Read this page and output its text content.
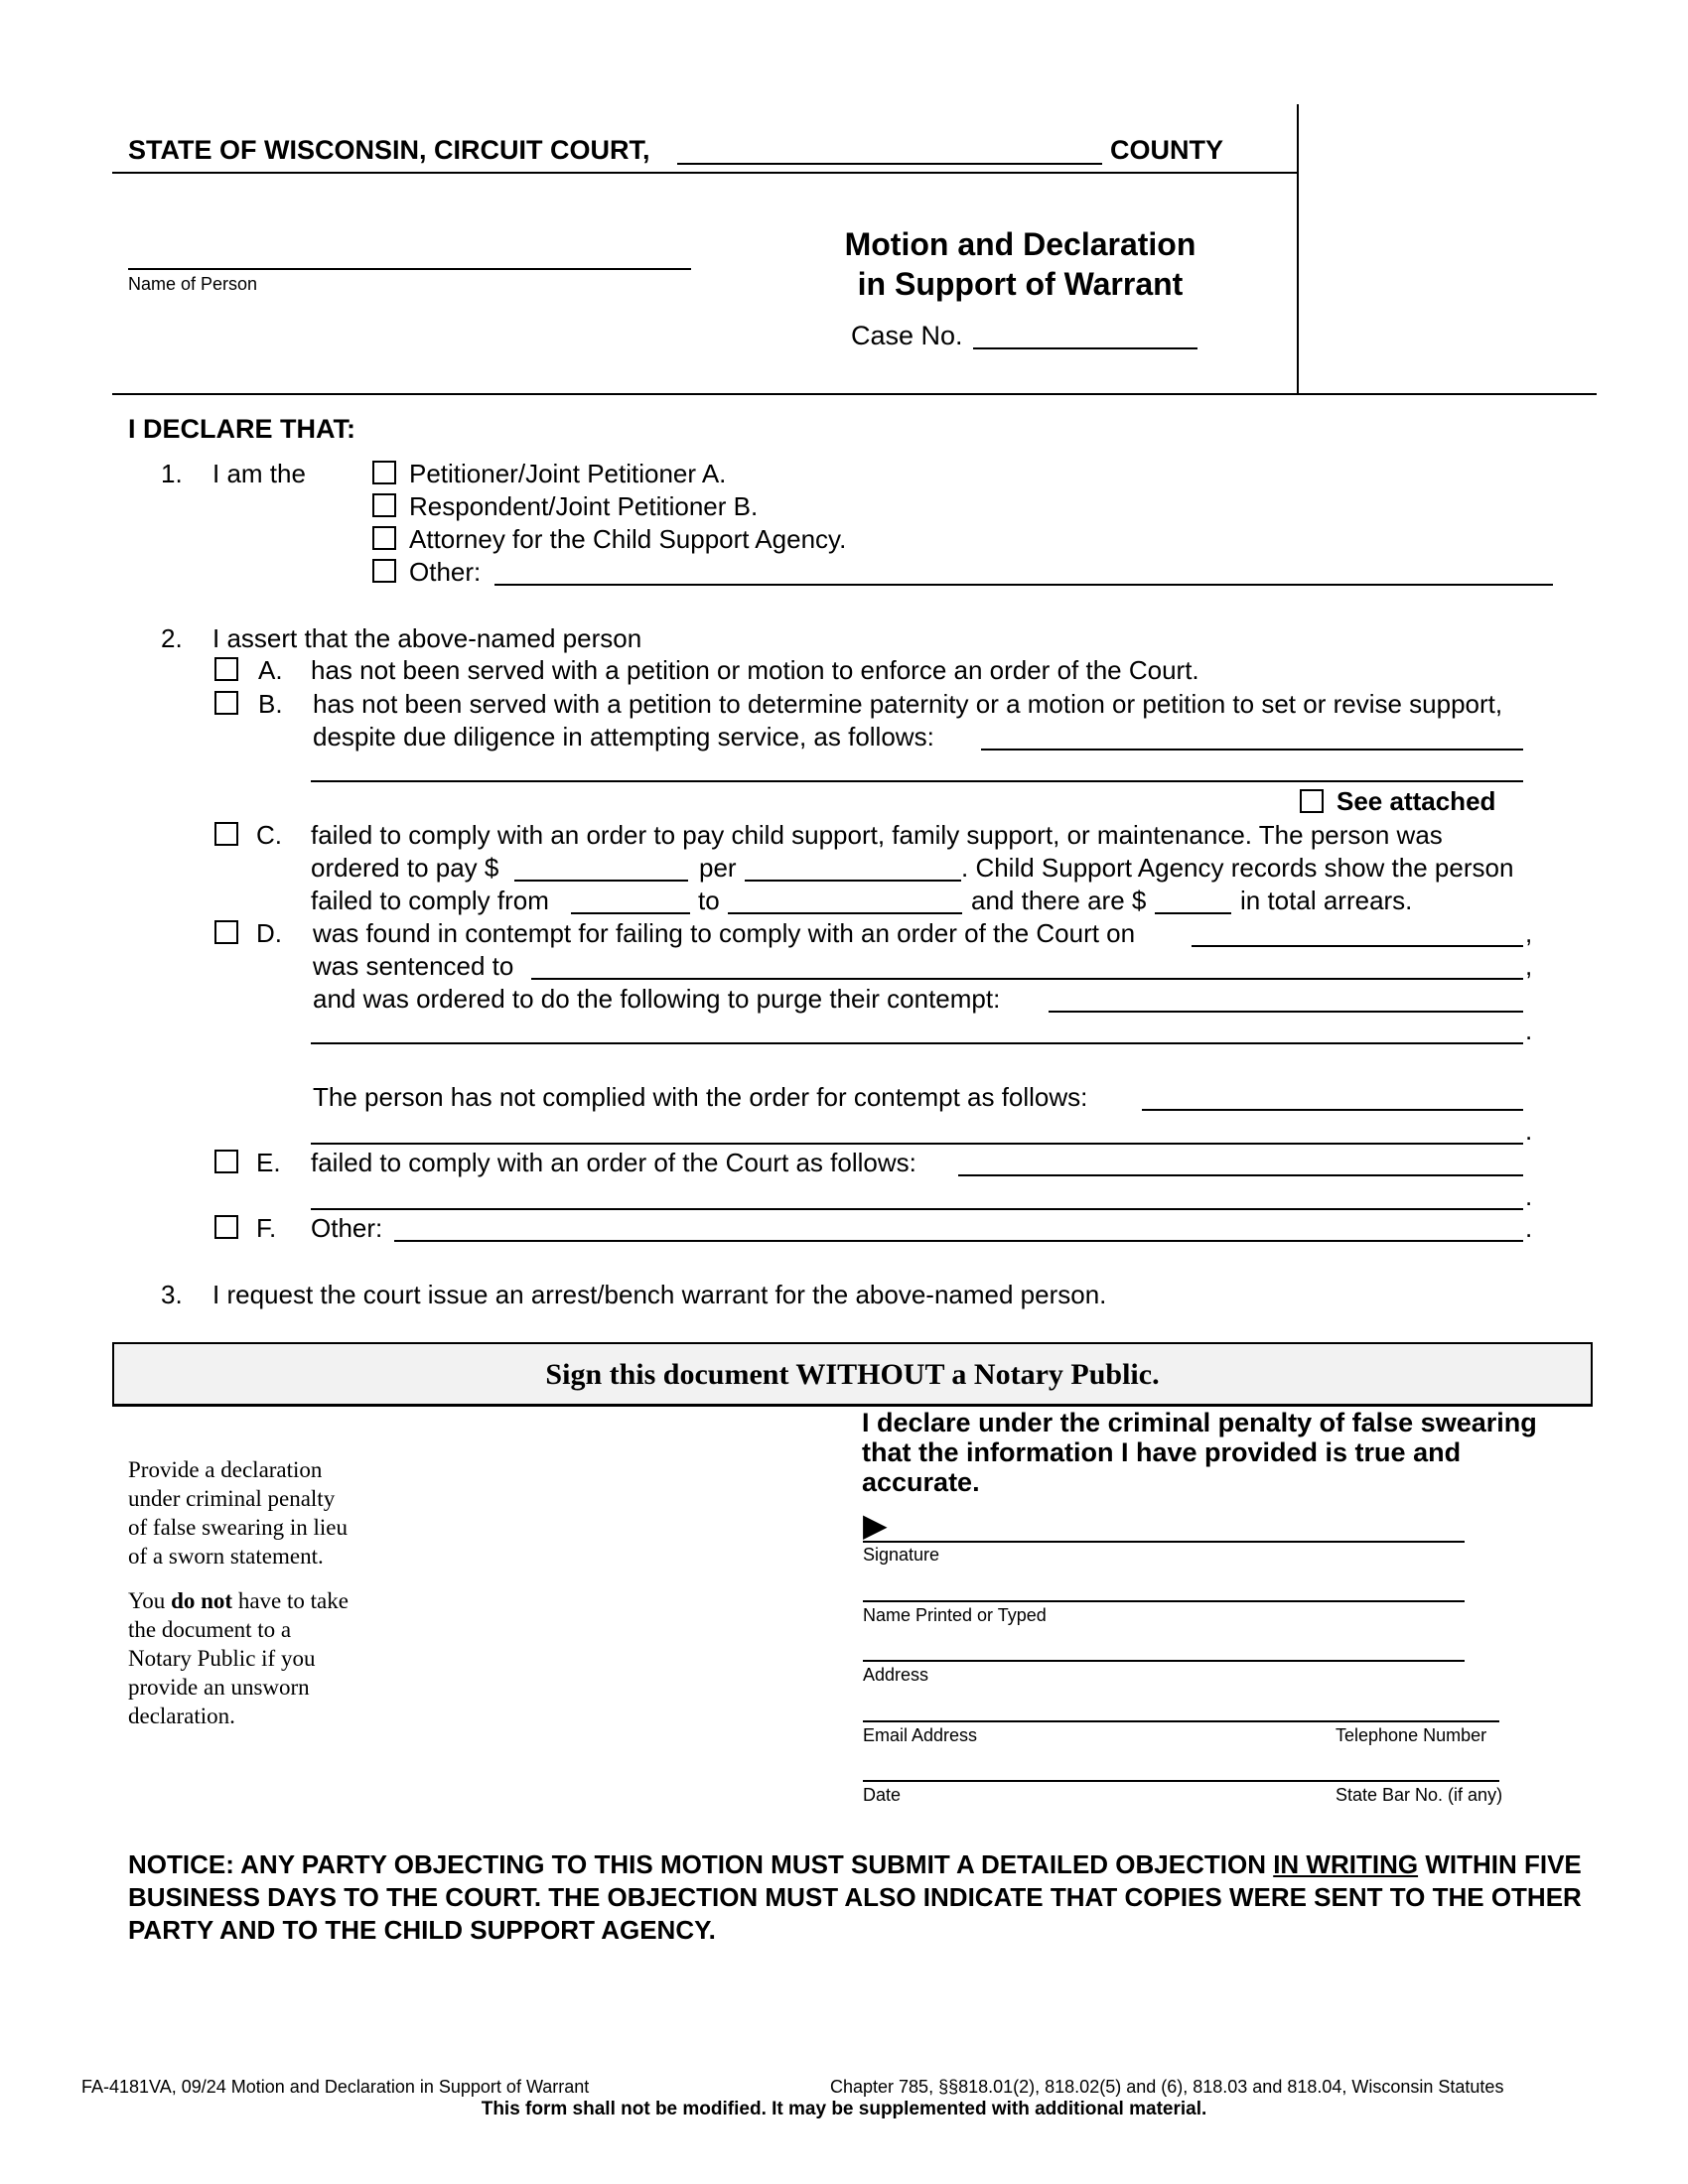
STATE OF WISCONSIN, CIRCUIT COURT,	COUNTY
Name of Person
Motion and Declaration
in Support of Warrant
Case No.
I DECLARE THAT:
1. I am the	Petitioner/Joint Petitioner A.
Respondent/Joint Petitioner B.
Attorney for the Child Support Agency.
Other:
2. I assert that the above-named person
A. has not been served with a petition or motion to enforce an order of the Court.
B. has not been served with a petition to determine paternity or a motion or petition to set or revise support,
despite due diligence in attempting service, as follows:
See attached
C. failed to comply with an order to pay child support, family support, or maintenance. The person was
ordered to pay $	per	. Child Support Agency records show the person
failed to comply from	to	and there are $	in total arrears.
D. was found in contempt for failing to comply with an order of the Court on	,
was sentenced to	,
and was ordered to do the following to purge their contempt:
.
The person has not complied with the order for contempt as follows:
.
E. failed to comply with an order of the Court as follows:
.
F. Other:	.
3. I request the court issue an arrest/bench warrant for the above-named person.
Sign this document WITHOUT a Notary Public.
Provide a declaration under criminal penalty of false swearing in lieu of a sworn statement.
You do not have to take the document to a Notary Public if you provide an unsworn declaration.
I declare under the criminal penalty of false swearing that the information I have provided is true and accurate.
▶
Signature
Name Printed or Typed
Address
Email Address	Telephone Number
Date	State Bar No. (if any)
NOTICE: ANY PARTY OBJECTING TO THIS MOTION MUST SUBMIT A DETAILED OBJECTION IN WRITING WITHIN FIVE BUSINESS DAYS TO THE COURT. THE OBJECTION MUST ALSO INDICATE THAT COPIES WERE SENT TO THE OTHER PARTY AND TO THE CHILD SUPPORT AGENCY.
FA-4181VA, 09/24 Motion and Declaration in Support of Warrant	Chapter 785, §§818.01(2), 818.02(5) and (6), 818.03 and 818.04, Wisconsin Statutes
This form shall not be modified. It may be supplemented with additional material.
